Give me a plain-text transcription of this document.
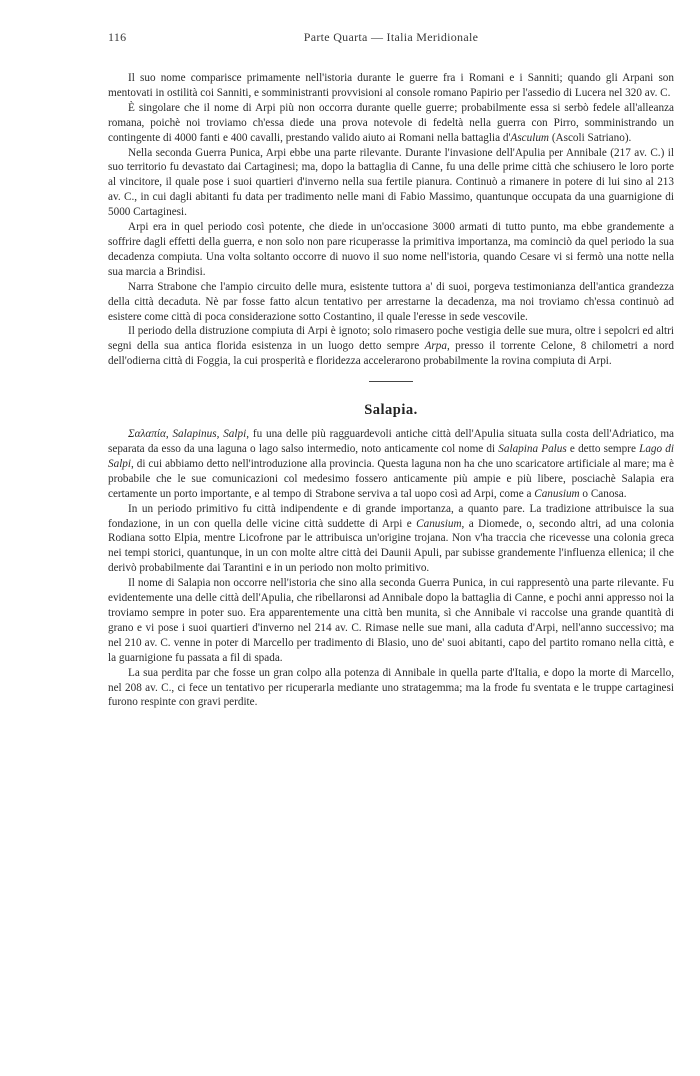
116	Parte Quarta — Italia Meridionale

Il suo nome comparisce primamente nell'istoria durante le guerre fra i Romani e i Sanniti; quando gli Arpani son mentovati in ostilità coi Sanniti, e somministranti provvisioni al console romano Papirio per l'assedio di Lucera nel 320 av. C.

È singolare che il nome di Arpi più non occorra durante quelle guerre; probabilmente essa si serbò fedele all'alleanza romana, poichè noi troviamo ch'essa diede una prova notevole di fedeltà nella guerra con Pirro, somministrando un contingente di 4000 fanti e 400 cavalli, prestando valido aiuto ai Romani nella battaglia d'Asculum (Ascoli Satriano).

Nella seconda Guerra Punica, Arpi ebbe una parte rilevante. Durante l'invasione dell'Apulia per Annibale (217 av. C.) il suo territorio fu devastato dai Cartaginesi; ma, dopo la battaglia di Canne, fu una delle prime città che schiusero le loro porte al vincitore, il quale pose i suoi quartieri d'inverno nella sua fertile pianura. Continuò a rimanere in potere di lui sino al 213 av. C., in cui dagli abitanti fu data per tradimento nelle mani di Fabio Massimo, quantunque occupata da una guarnigione di 5000 Cartaginesi.

Arpi era in quel periodo così potente, che diede in un'occasione 3000 armati di tutto punto, ma ebbe grandemente a soffrire dagli effetti della guerra, e non solo non pare ricuperasse la primitiva importanza, ma cominciò da quel periodo la sua decadenza compiuta. Una volta soltanto occorre di nuovo il suo nome nell'istoria, quando Cesare vi si fermò una notte nella sua marcia a Brindisi.

Narra Strabone che l'ampio circuito delle mura, esistente tuttora a' di suoi, porgeva testimonianza dell'antica grandezza della città decaduta. Nè par fosse fatto alcun tentativo per arrestarne la decadenza, ma noi troviamo ch'essa continuò ad esistere come città di poca considerazione sotto Costantino, il quale l'eresse in sede vescovile.

Il periodo della distruzione compiuta di Arpi è ignoto; solo rimasero poche vestigia delle sue mura, oltre i sepolcri ed altri segni della sua antica florida esistenza in un luogo detto sempre Arpa, presso il torrente Celone, 8 chilometri a nord dell'odierna città di Foggia, la cui prosperità e floridezza accelerarono probabilmente la rovina compiuta di Arpi.

Salapia.

Σαλαπία, Salapinus, Salpi, fu una delle più ragguardevoli antiche città dell'Apulia situata sulla costa dell'Adriatico, ma separata da esso da una laguna o lago salso intermedio, noto anticamente col nome di Salapina Palus e detto sempre Lago di Salpi, di cui abbiamo detto nell'introduzione alla provincia. Questa laguna non ha che uno scaricatore artificiale al mare; ma è probabile che le sue comunicazioni col medesimo fossero anticamente più ampie e più libere, posciachè Salapia era certamente un porto importante, e al tempo di Strabone serviva a tal uopo così ad Arpi, come a Canusium o Canosa.

In un periodo primitivo fu città indipendente e di grande importanza, a quanto pare. La tradizione attribuisce la sua fondazione, in un con quella delle vicine città suddette di Arpi e Canusium, a Diomede, o, secondo altri, ad una colonia Rodiana sotto Elpia, mentre Licofrone par le attribuisca un'origine trojana. Non v'ha traccia che ricevesse una colonia greca nei tempi storici, quantunque, in un con molte altre città dei Daunii Apuli, par subisse grandemente l'influenza ellenica; il che derivò probabilmente dai Tarantini e in un periodo non molto primitivo.

Il nome di Salapia non occorre nell'istoria che sino alla seconda Guerra Punica, in cui rappresentò una parte rilevante. Fu evidentemente una delle città dell'Apulia, che ribellaronsi ad Annibale dopo la battaglia di Canne, e pochi anni appresso noi la troviamo sempre in poter suo. Era apparentemente una città ben munita, sì che Annibale vi raccolse una grande quantità di grano e vi pose i suoi quartieri d'inverno nel 214 av. C. Rimase nelle sue mani, alla caduta d'Arpi, nell'anno successivo; ma nel 210 av. C. venne in poter di Marcello per tradimento di Blasio, uno de' suoi abitanti, capo del partito romano nella città, e la guarnigione fu passata a fil di spada.

La sua perdita par che fosse un gran colpo alla potenza di Annibale in quella parte d'Italia, e dopo la morte di Marcello, nel 208 av. C., ci fece un tentativo per ricuperarla mediante uno stratagemma; ma la frode fu sventata e le truppe cartaginesi furono respinte con gravi perdite.
